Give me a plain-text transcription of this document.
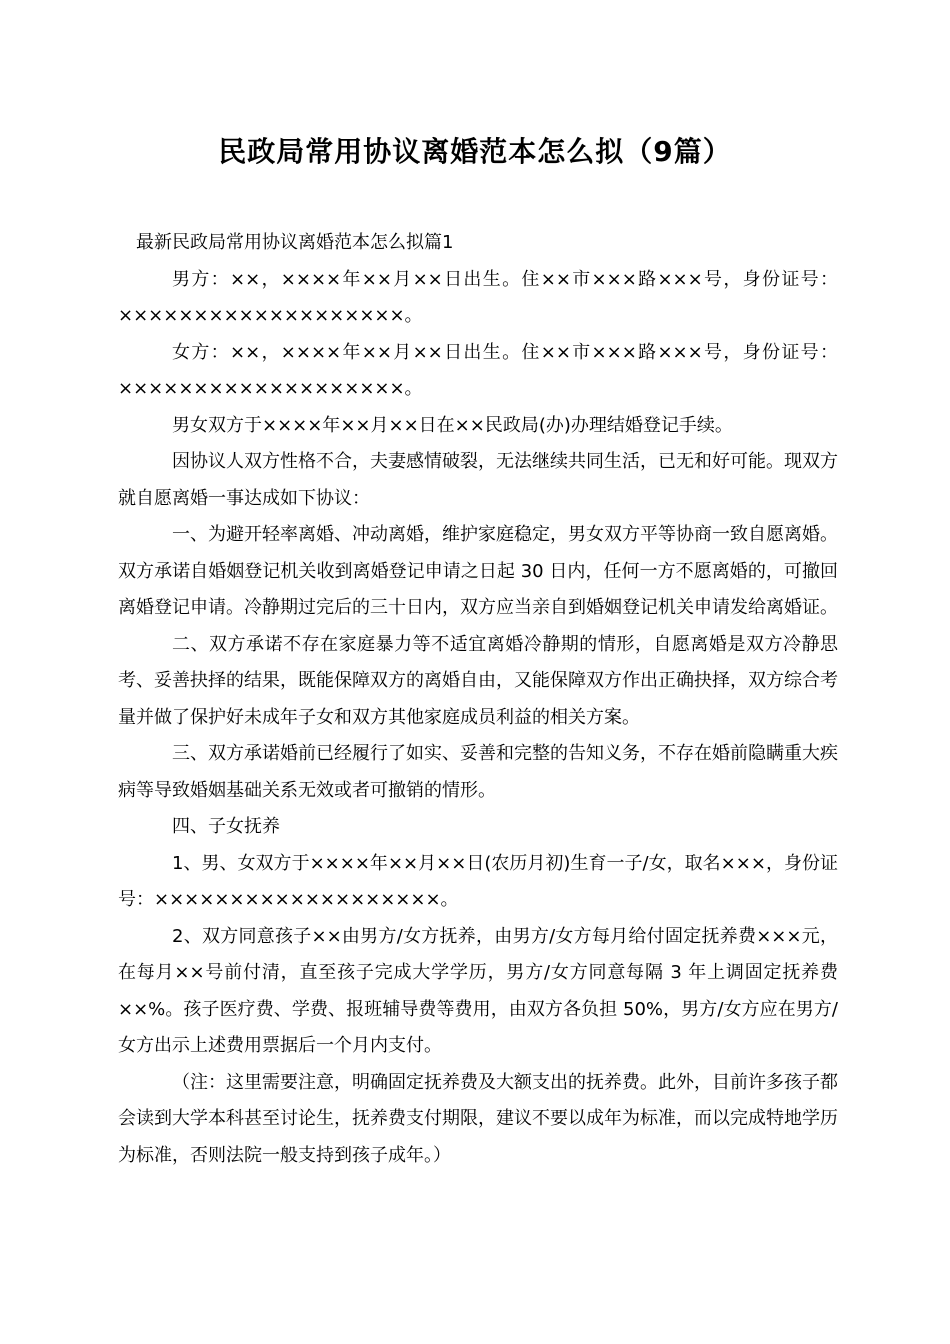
民政局常用协议离婚范本怎么拟（9篇）

最新民政局常用协议离婚范本怎么拟篇1

男方：××，××××年××月××日出生。住××市×××路×××号，身份证号：×××××××××××××××××××。

女方：××，××××年××月××日出生。住××市×××路×××号，身份证号：×××××××××××××××××××。

男女双方于××××年××月××日在××民政局(办)办理结婚登记手续。

因协议人双方性格不合，夫妻感情破裂，无法继续共同生活，已无和好可能。现双方就自愿离婚一事达成如下协议：

一、为避开轻率离婚、冲动离婚，维护家庭稳定，男女双方平等协商一致自愿离婚。双方承诺自婚姻登记机关收到离婚登记申请之日起 30 日内，任何一方不愿离婚的，可撤回离婚登记申请。冷静期过完后的三十日内，双方应当亲自到婚姻登记机关申请发给离婚证。

二、双方承诺不存在家庭暴力等不适宜离婚冷静期的情形，自愿离婚是双方冷静思考、妥善抉择的结果，既能保障双方的离婚自由，又能保障双方作出正确抉择，双方综合考量并做了保护好未成年子女和双方其他家庭成员利益的相关方案。

三、双方承诺婚前已经履行了如实、妥善和完整的告知义务，不存在婚前隐瞒重大疾病等导致婚姻基础关系无效或者可撤销的情形。

四、子女抚养

1、男、女双方于××××年××月××日(农历月初)生育一子/女，取名×××，身份证号：×××××××××××××××××××。

2、双方同意孩子××由男方/女方抚养，由男方/女方每月给付固定抚养费×××元，在每月××号前付清，直至孩子完成大学学历，男方/女方同意每隔 3 年上调固定抚养费××%。孩子医疗费、学费、报班辅导费等费用，由双方各负担 50%，男方/女方应在男方/女方出示上述费用票据后一个月内支付。

（注：这里需要注意，明确固定抚养费及大额支出的抚养费。此外，目前许多孩子都会读到大学本科甚至讨论生，抚养费支付期限，建议不要以成年为标准，而以完成特地学历为标准，否则法院一般支持到孩子成年。）
